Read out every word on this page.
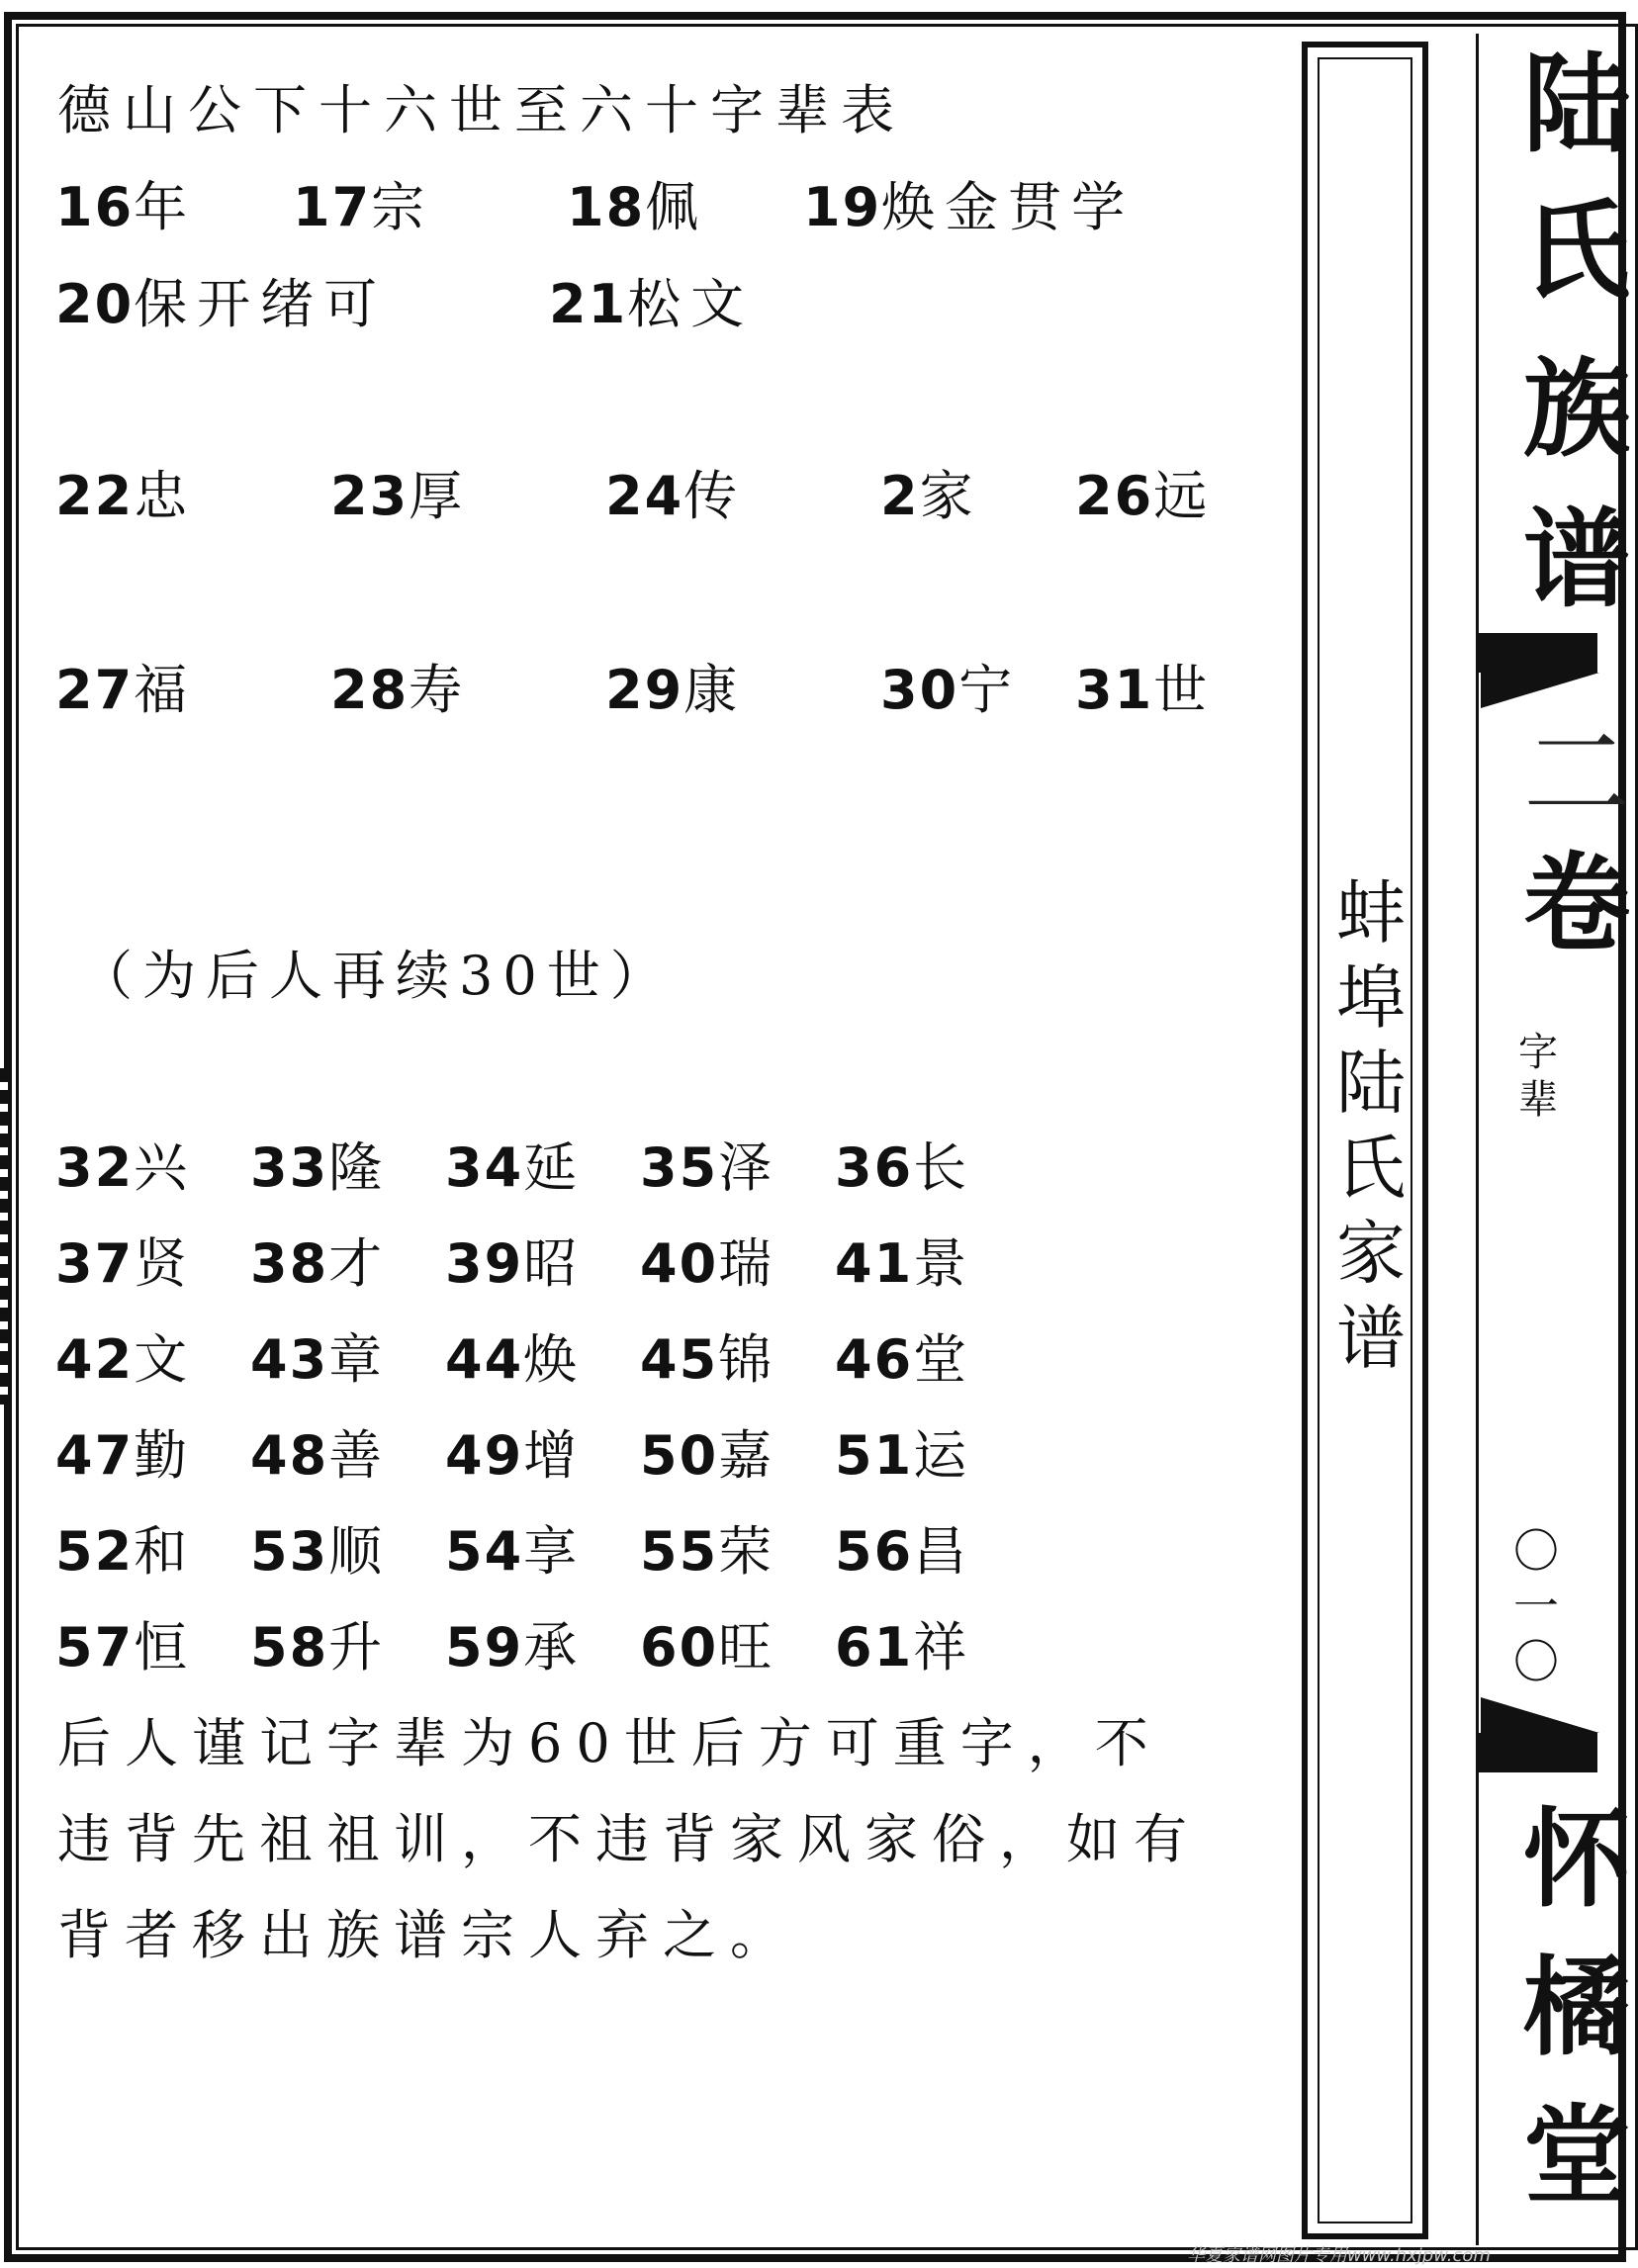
德山公下十六世至六十字辈表
16年 17宗	18佩 19焕金贯学
20保开绪可	21松文
22忠	23厚	24传	2家 26远
27福	28寿	29康	30宁 31世
（为后人再续30世）
32兴 33隆 34延 35泽 36长
37贤 38才 39昭 40瑞 41景
42文 43章 44焕 45锦 46堂
47勤 48善 49增 50嘉 51运
52和 53顺 54享 55荣 56昌
57恒 58升 59承 60旺 61祥
后人谨记字辈为60世后方可重字，不
违背先祖祖训，不违背家风家俗，如有
背者移出族谱宗人弃之。
蚌埠陆氏家谱
陆
氏
族
谱
二
卷
字辈
〇一〇
怀
橘
堂
华夏家谱网图片专用www.hxjpw.com
